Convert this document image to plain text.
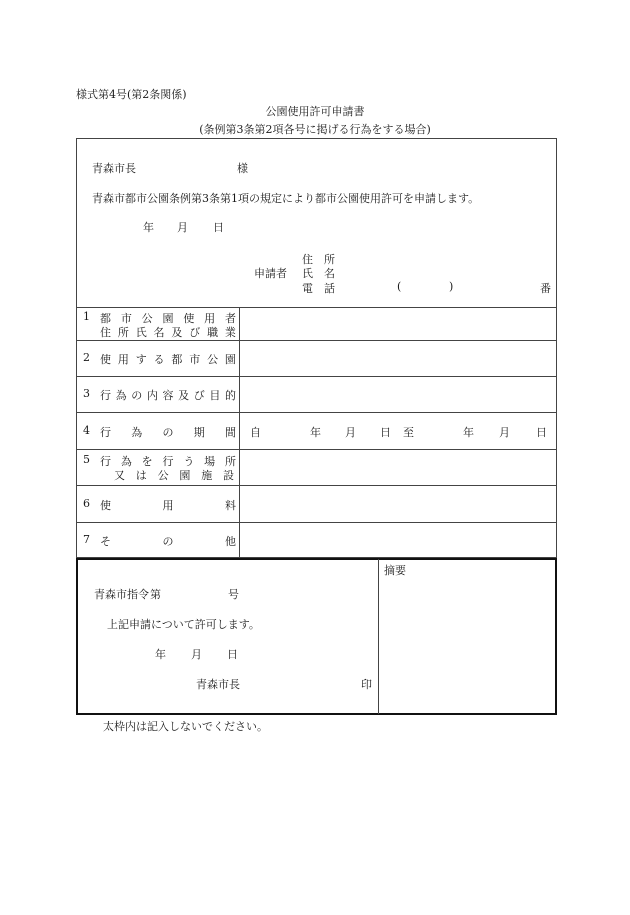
様式第4号(第2条関係)
公園使用許可申請書
(条例第3条第2項各号に掲げる行為をする場合)
青森市長	様
青森市都市公園条例第3条第1項の規定により都市公園使用許可を申請します。
年 月 日
住　所
申請者 氏　名
電　話	(	)	番
1 都 市 公 園 使 用 者
住 所 氏 名 及 び 職 業
2 使 用 す る 都 市 公 園
3 行 為 の 内 容 及 び 目 的
4 行 為 の 期 間 自	年 月 日 至	年 月 日
5 行 為 を 行 う 場 所
又 は 公 園 施 設
6 使	用	料
7 そ	の	他
青森市指令 第	号
上記申請について許可します。
年 月 日
青森市長	印
摘要
太枠内は記入しないでください。
